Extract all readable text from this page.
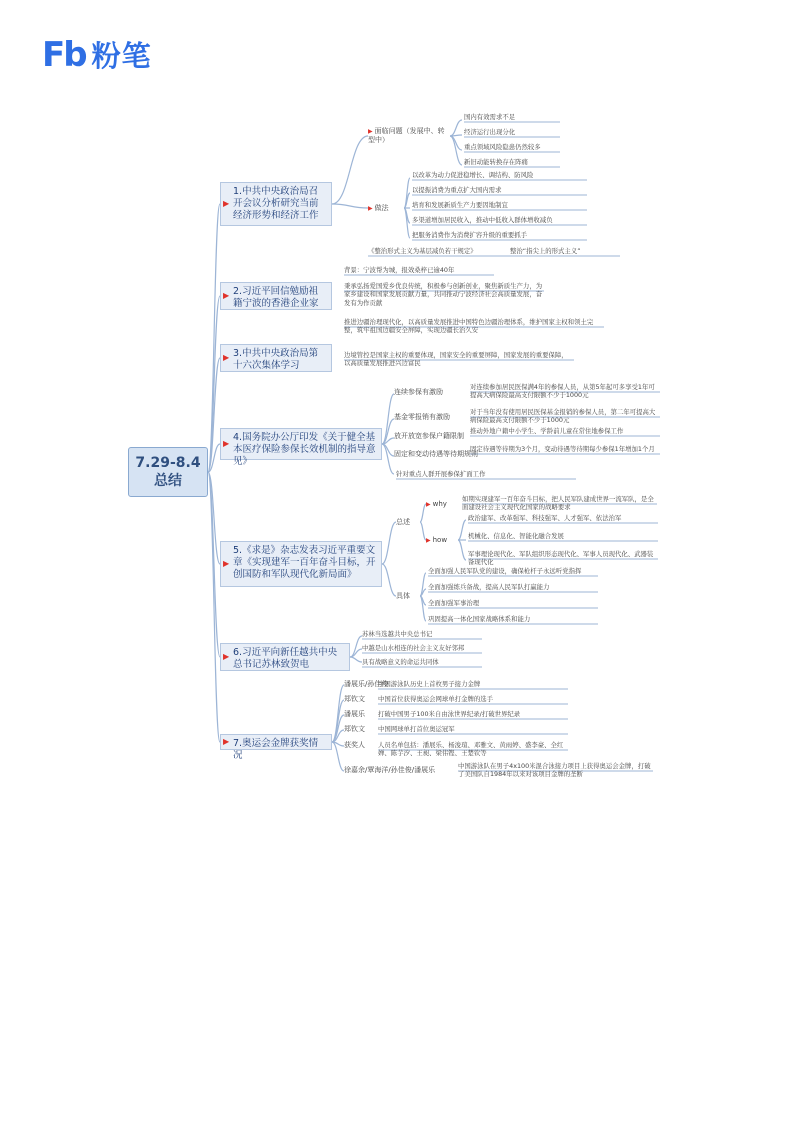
Fb 粉笔
7.29-8.4
总结
▶
1.中共中央政治局召开会议分析研究当前经济形势和经济工作
▶ 2.习近平回信勉励祖籍宁波的香港企业家
▶ 3.中共中央政治局第十六次集体学习
▶
4.国务院办公厅印发《关于健全基本医疗保险参保长效机制的指导意见》
▶
5.《求是》杂志发表习近平重要文章《实现建军一百年奋斗目标，开创国防和军队现代化新局面》
▶ 6.习近平向新任越共中央总书记苏林致贺电
▶ 7.奥运会金牌获奖情况
▶ 面临问题（发展中、转型中）
国内有效需求不足
经济运行出现分化
重点领域风险隐患仍然较多
新旧动能转换存在阵痛
▶ 做法
以改革为动力促进稳增长、调结构、防风险
以提振消费为重点扩大国内需求
培育和发展新质生产力要因地制宜
多渠道增加居民收入，推动中低收入群体增收减负
把服务消费作为消费扩容升级的重要抓手
《整治形式主义为基层减负若干规定》	整治“指尖上的形式主义”
背景：宁波帮为城，报效桑梓已逾40年
秉承弘扬爱国爱乡优良传统，积极参与创新创业，聚焦新质生产力，为家乡建设和国家发展贡献力量，共同推动宁波经济社会高质量发展，奋发有为作贡献
推进边疆治理现代化，以高质量发展推进中国特色边疆治理体系，维护国家主权和领土完整，筑牢祖国边疆安全屏障，实现边疆长治久安
边境管控是国家主权的重要体现，国家安全的重要屏障，国家发展的重要保障，以高质量发展推进兴边富民
连续参保有激励
对连续参加居民医保满4年的参保人员，从第5年起可多享受1年可提高大病保险最高支付限额不少于1000元
基金零报销有激励
对于当年没有使用居民医保基金报销的参保人员，第二年可提高大病保险最高支付限额不少于1000元
放开放宽参保户籍限制
推动外地户籍中小学生、学龄前儿童在常住地参保工作
固定和变动待遇等待期规则
固定待遇等待期为3个月，变动待遇等待期每少参保1年增加1个月
针对重点人群开展参保扩面工作
总述
▶ why
▶ how
如期实现建军一百年奋斗目标，把人民军队建成世界一流军队，是全面建设社会主义现代化国家的战略要求
政治建军、改革强军、科技强军、人才强军、依法治军
机械化、信息化、智能化融合发展
军事理论现代化、军队组织形态现代化、军事人员现代化、武器装备现代化
具体
全面加强人民军队党的建设，确保枪杆子永远听党指挥
全面加强练兵备战，提高人民军队打赢能力
全面加强军事治理
巩固提高一体化国家战略体系和能力
苏林当选越共中央总书记
中越是山水相连的社会主义友好邻邦
具有战略意义的命运共同体
潘展乐/孙佳俊
中国游泳队历史上首枚男子接力金牌
郑钦文	中国首位获得奥运会网球单打金牌的选手
潘展乐	打破中国男子100米自由泳世界纪录/打破世界纪录
郑钦文	中国网球单打首位奥运冠军
获奖人	人员名单包括：潘展乐、杨浚瑄、邓雅文、黄雨婷、盛李豪、全红婵、陈芋汐、王昶、梁伟铿、王楚钦等
徐嘉余/覃海洋/孙佳俊/潘展乐	中国游泳队在男子4x100米混合泳接力项目上获得奥运会金牌，打破了美国队自1984年以来对该项目金牌的垄断
